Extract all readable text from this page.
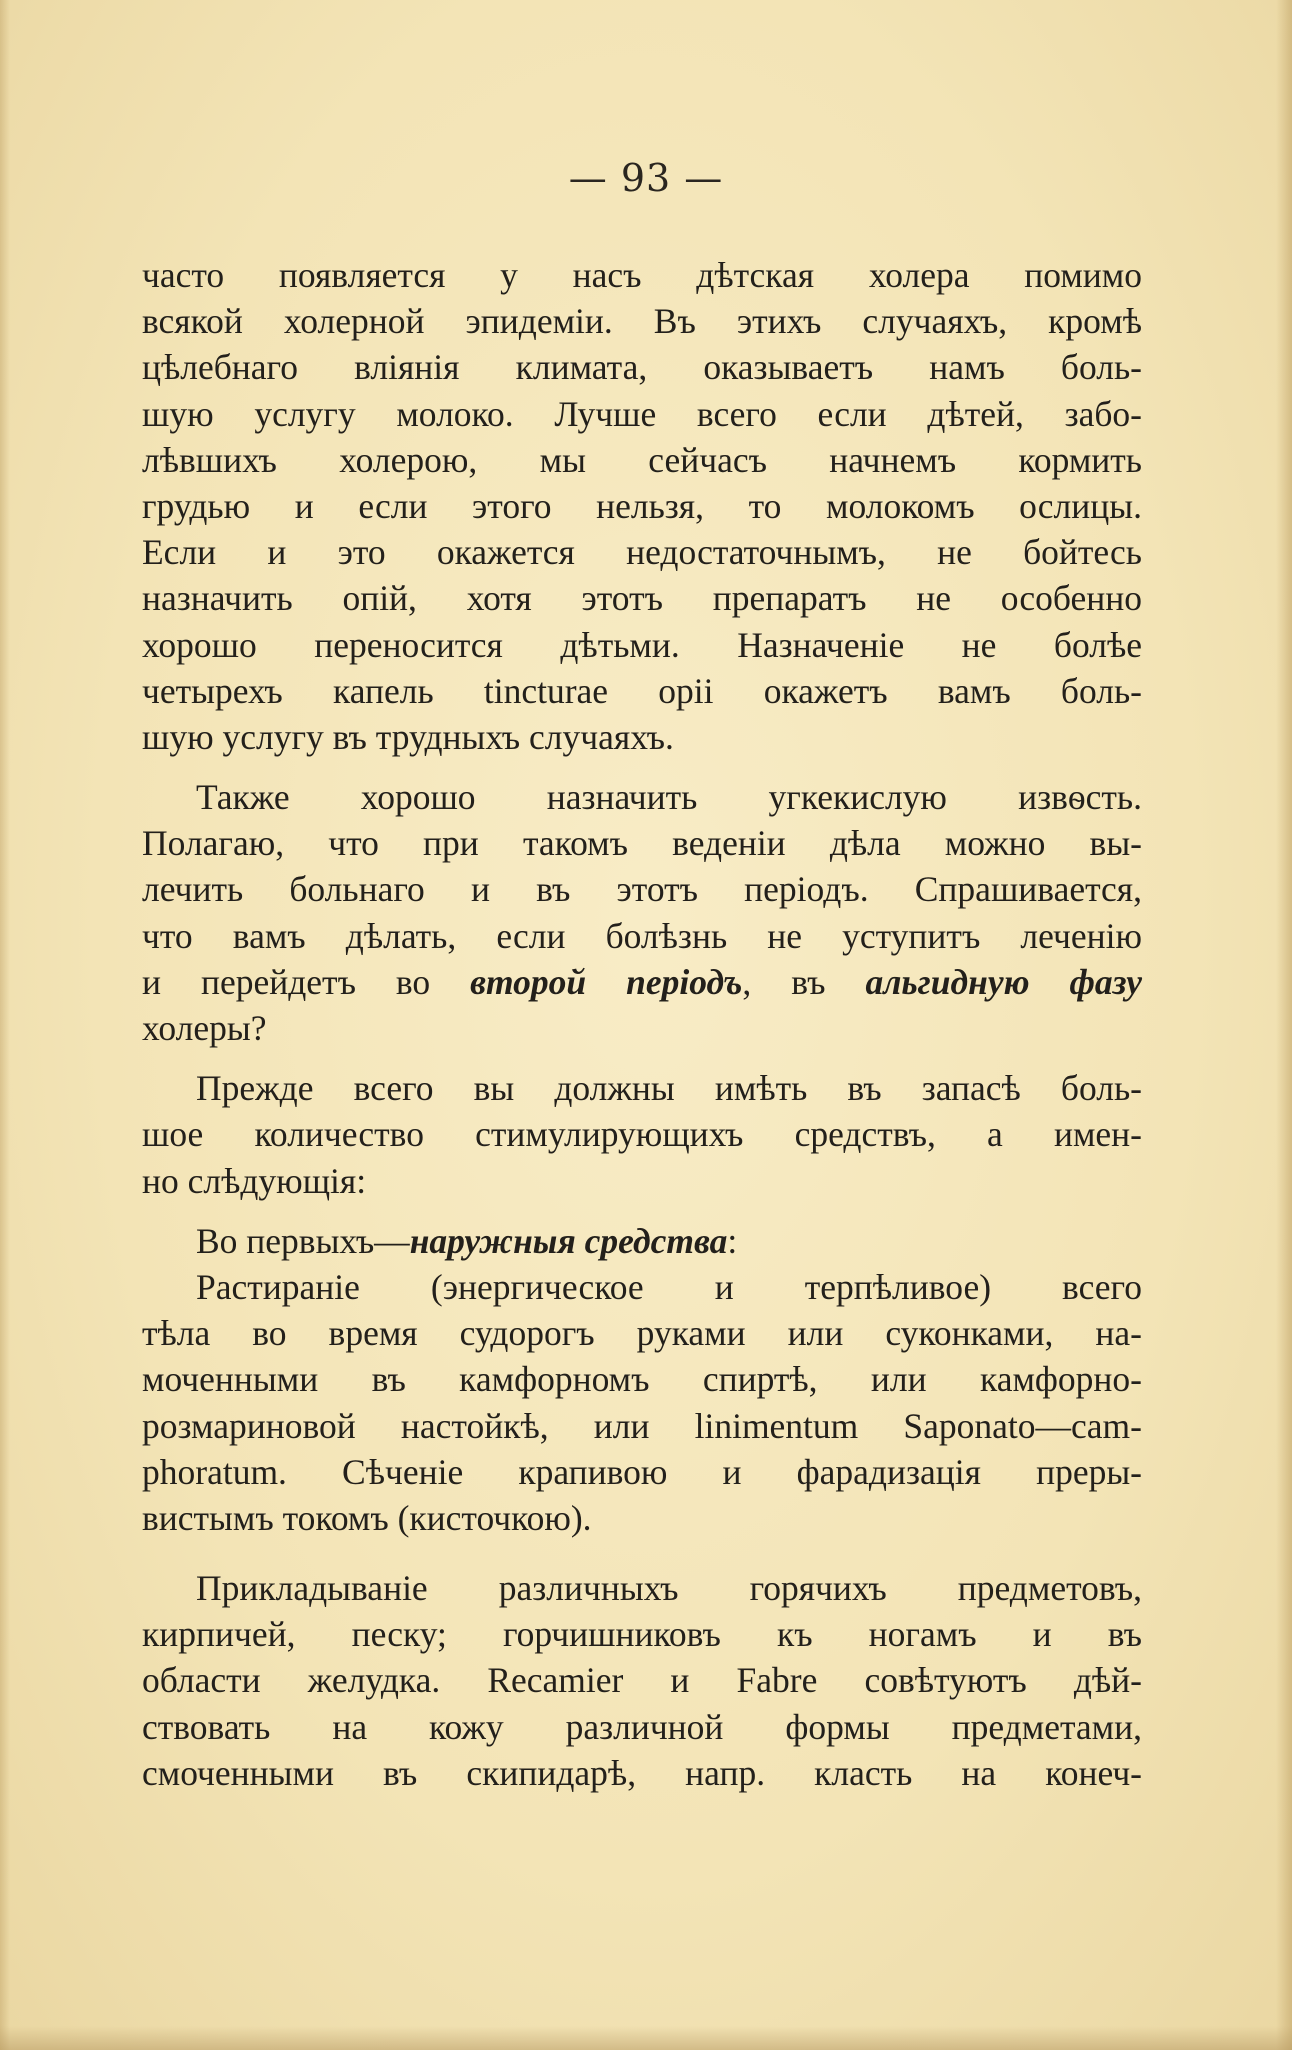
— 93 —
часто появляется у насъ дѣтская холера помимо
всякой холерной эпидеміи. Въ этихъ случаяхъ, кромѣ
цѣлебнаго вліянія климата, оказываетъ намъ боль-
шую услугу молоко. Лучше всего если дѣтей, забо-
лѣвшихъ холерою, мы сейчасъ начнемъ кормить
грудью и если этого нельзя, то молокомъ ослицы.
Если и это окажется недостаточнымъ, не бойтесь
назначить опій, хотя этотъ препаратъ не особенно
хорошо переносится дѣтьми. Назначеніе не болѣе
четырехъ капель tinсturae орii окажетъ вамъ боль-
шую услугу въ трудныхъ случаяхъ.
Также хорошо назначить угкекислую извѳсть.
Полагаю, что при такомъ веденіи дѣла можно вы-
лечить больнаго и въ этотъ періодъ. Спрашивается,
что вамъ дѣлать, если болѣзнь не уступитъ леченію
и перейдетъ во второй періодъ, въ альгидную фазу
холеры?
Прежде всего вы должны имѣть въ запасѣ боль-
шое количество стимулирующихъ средствъ, а имен-
но слѣдующія:
Во первыхъ—наружныя средства:
Растираніе (энергическое и терпѣливое) всего
тѣла во время судорогъ руками или суконками, на-
моченными въ камфорномъ спиртѣ, или камфорно-
розмариновой настойкѣ, или linimentum Saponato—cam-
phoratum. Сѣченіе крапивою и фарадизація преры-
вистымъ токомъ (кисточкою).
Прикладываніе различныхъ горячихъ предметовъ,
кирпичей, песку; горчишниковъ къ ногамъ и въ
области желудка. Recamier и Fabre совѣтуютъ дѣй-
ствовать на кожу различной формы предметами,
смоченными въ скипидарѣ, напр. класть на конеч-
